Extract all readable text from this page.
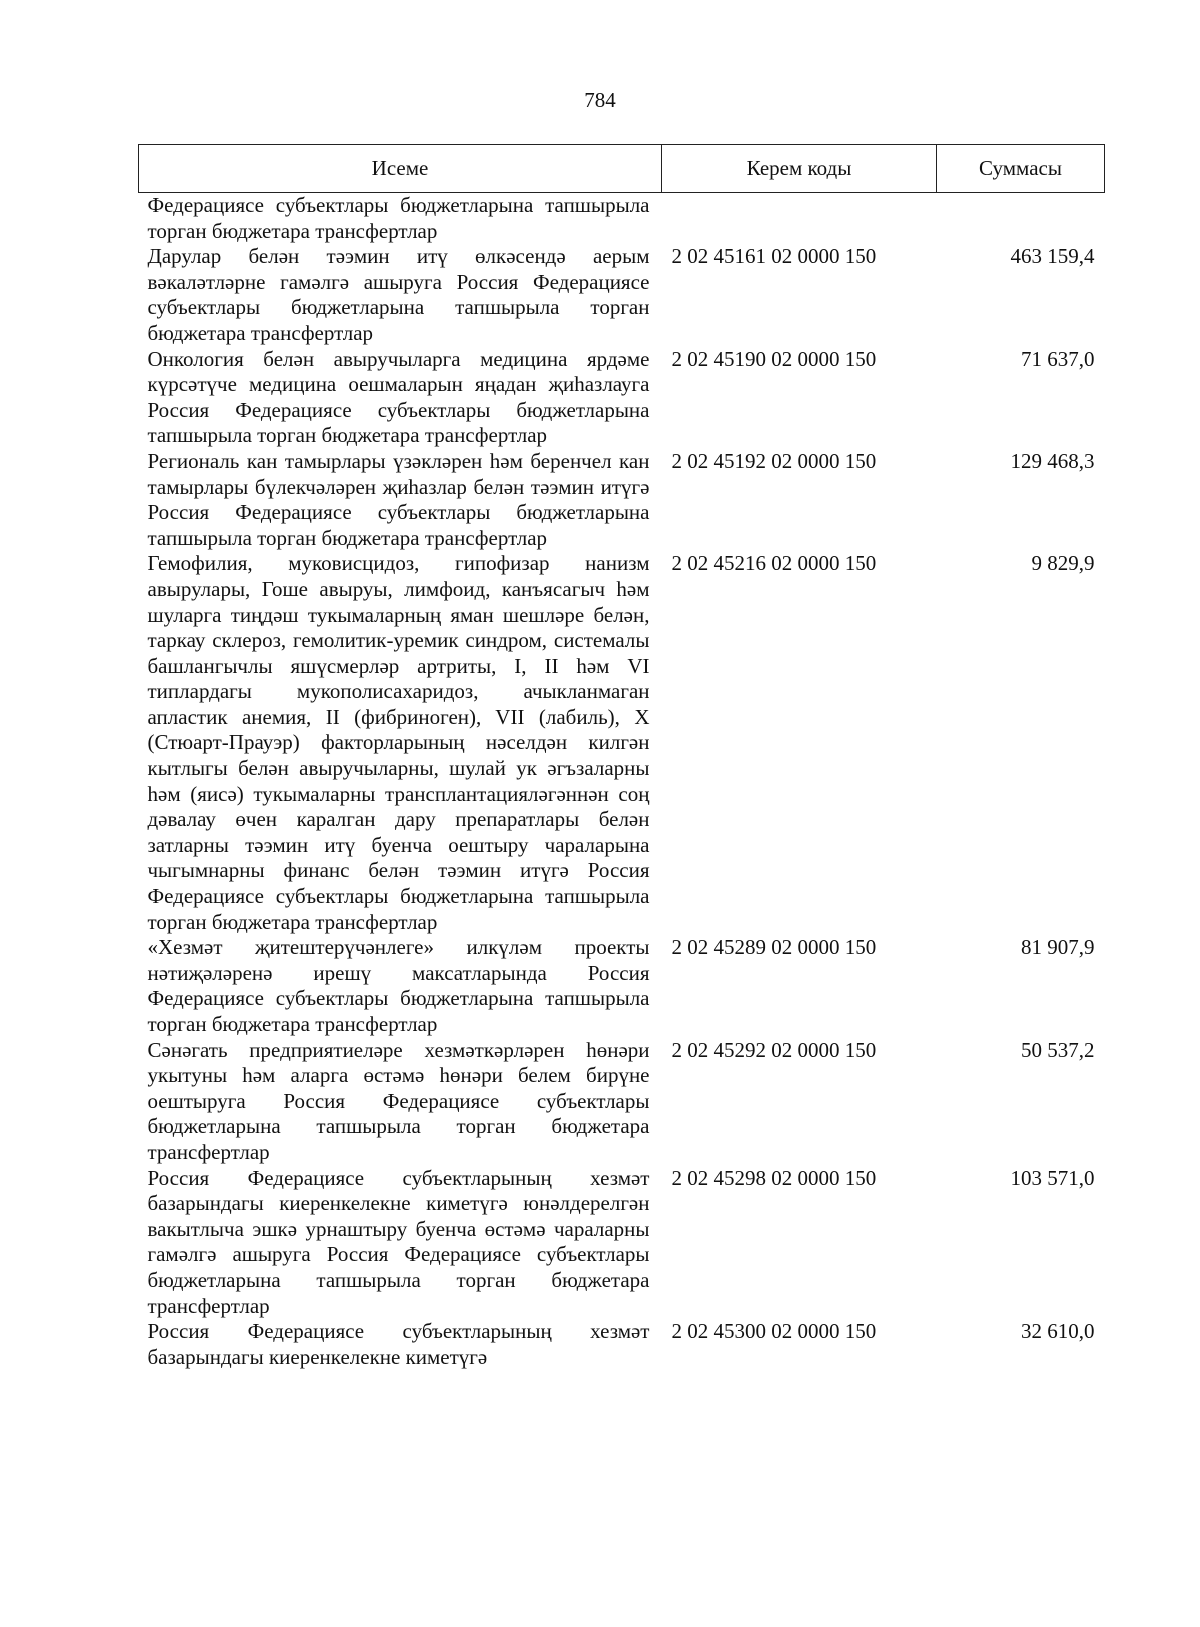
784
Исеме	Керем коды	Суммасы
Федерациясе субъектлары бюджетларына тапшырыла торган бюджетара трансфертлар		
Дарулар белән тәэмин итү өлкәсендә аерым вәкаләтләрне гамәлгә ашыруга Россия Федерациясе субъектлары бюджетларына тапшырыла торган бюджетара трансфертлар	2 02 45161 02 0000 150	463 159,4
Онкология белән авыручыларга медицина ярдәме күрсәтүче медицина оешмаларын яңадан җиһазлауга Россия Федерациясе субъектлары бюджетларына тапшырыла торган бюджетара трансфертлар	2 02 45190 02 0000 150	71 637,0
Региональ кан тамырлары үзәкләрен һәм беренчел кан тамырлары бүлекчәләрен җиһазлар белән тәэмин итүгә Россия Федерациясе субъектлары бюджетларына тапшырыла торган бюджетара трансфертлар	2 02 45192 02 0000 150	129 468,3
Гемофилия, муковисцидоз, гипофизар нанизм авырулары, Гоше авыруы, лимфоид, канъясагыч һәм шуларга тиңдәш тукымаларның яман шешләре белән, таркау склероз, гемолитик-уремик синдром, системалы башлангычлы яшүсмерләр артриты, I, II һәм VI типлардагы мукополисахаридоз, ачыкланмаган апластик анемия, II (фибриноген), VII (лабиль), X (Стюарт-Прауэр) факторларының нәселдән килгән кытлыгы белән авыручыларны, шулай ук әгъзаларны һәм (яисә) тукымаларны трансплантацияләгәннән соң дәвалау өчен каралган дару препаратлары белән затларны тәэмин итү буенча оештыру чараларына чыгымнарны финанс белән тәэмин итүгә Россия Федерациясе субъектлары бюджетларына тапшырыла торган бюджетара трансфертлар	2 02 45216 02 0000 150	9 829,9
«Хезмәт җитештерүчәнлеге» илкүләм проекты нәтиҗәләренә ирешү максатларында Россия Федерациясе субъектлары бюджетларына тапшырыла торган бюджетара трансфертлар	2 02 45289 02 0000 150	81 907,9
Сәнәгать предприятиеләре хезмәткәрләрен һөнәри укытуны һәм аларга өстәмә һөнәри белем бирүне оештыруга Россия Федерациясе субъектлары бюджетларына тапшырыла торган бюджетара трансфертлар	2 02 45292 02 0000 150	50 537,2
Россия Федерациясе субъектларының хезмәт базарындагы киеренкелекне киметүгә юнәлдерелгән вакытлыча эшкә урнаштыру буенча өстәмә чараларны гамәлгә ашыруга Россия Федерациясе субъектлары бюджетларына тапшырыла торган бюджетара трансфертлар	2 02 45298 02 0000 150	103 571,0
Россия Федерациясе субъектларының хезмәт базарындагы киеренкелекне киметүгә	2 02 45300 02 0000 150	32 610,0
